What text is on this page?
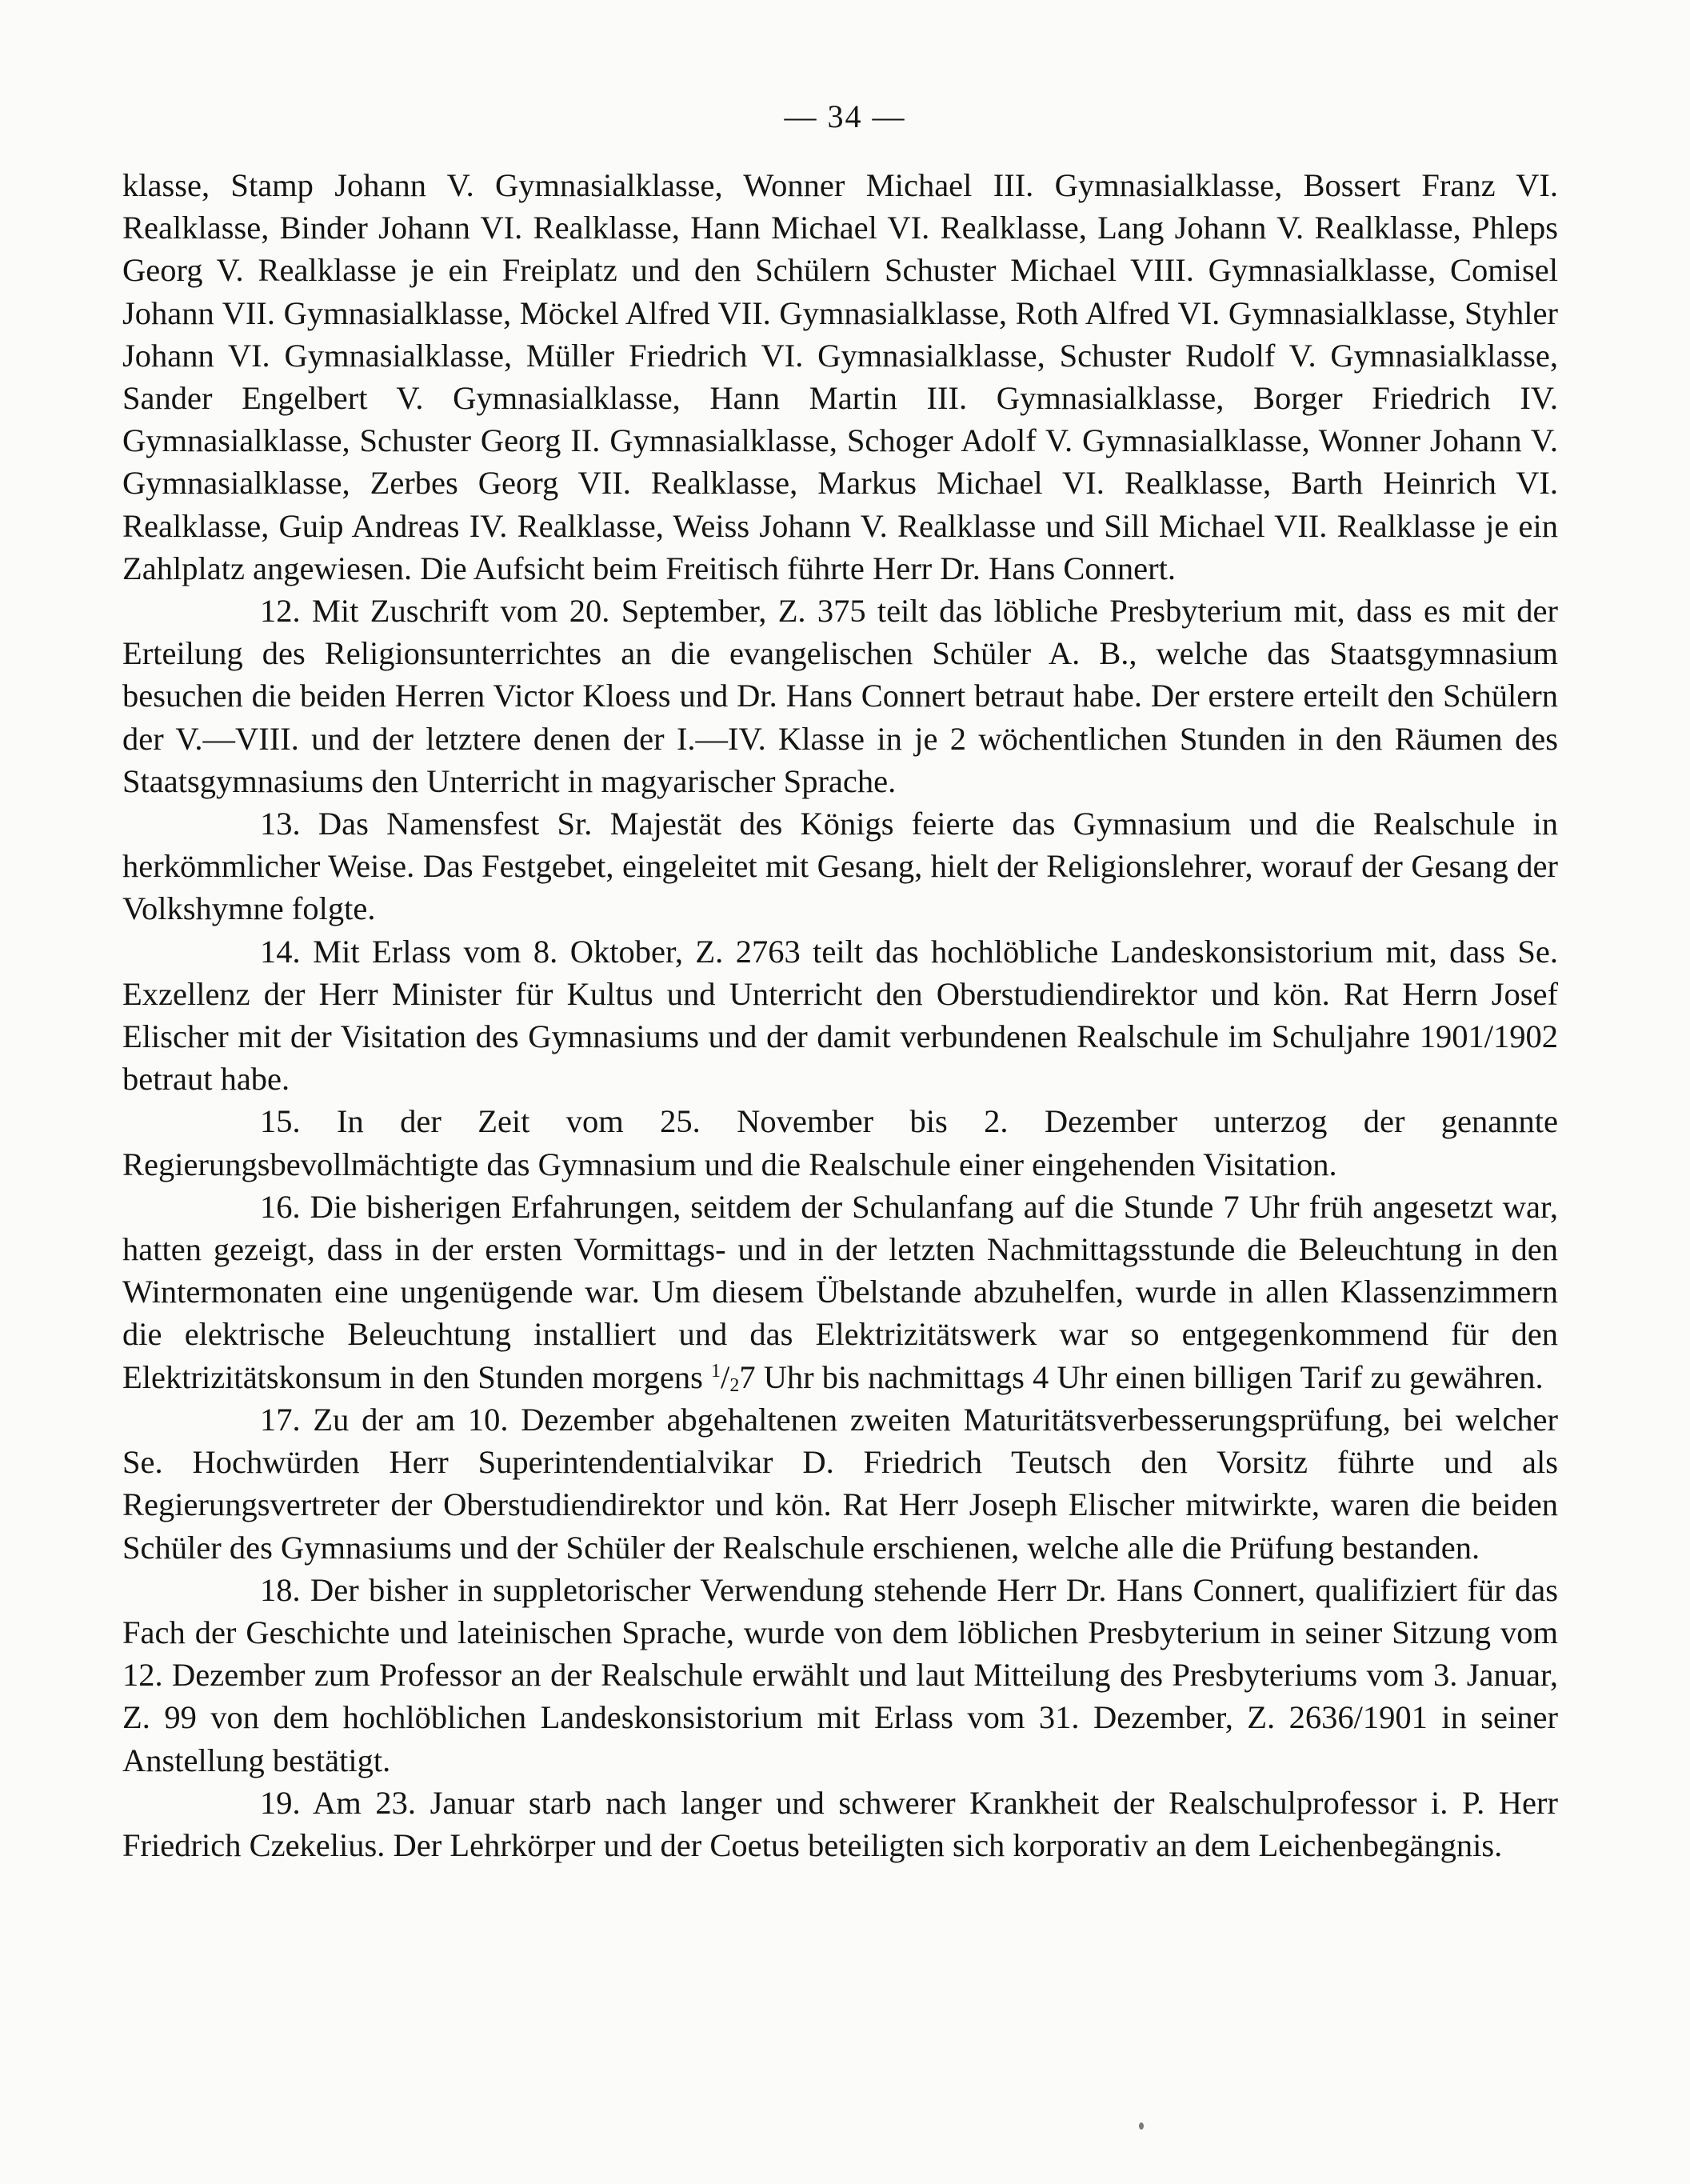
— 34 —

klasse, Stamp Johann V. Gymnasialklasse, Wonner Michael III. Gymnasialklasse, Bossert Franz VI. Realklasse, Binder Johann VI. Realklasse, Hann Michael VI. Realklasse, Lang Johann V. Realklasse, Phleps Georg V. Realklasse je ein Freiplatz und den Schülern Schuster Michael VIII. Gymnasialklasse, Comisel Johann VII. Gymnasialklasse, Möckel Alfred VII. Gymnasialklasse, Roth Alfred VI. Gymnasialklasse, Styhler Johann VI. Gymnasialklasse, Müller Friedrich VI. Gymnasialklasse, Schuster Rudolf V. Gymnasialklasse, Sander Engelbert V. Gymnasialklasse, Hann Martin III. Gymnasialklasse, Borger Friedrich IV. Gymnasialklasse, Schuster Georg II. Gymnasialklasse, Schoger Adolf V. Gymnasialklasse, Wonner Johann V. Gymnasialklasse, Zerbes Georg VII. Realklasse, Markus Michael VI. Realklasse, Barth Heinrich VI. Realklasse, Guip Andreas IV. Realklasse, Weiss Johann V. Realklasse und Sill Michael VII. Realklasse je ein Zahlplatz angewiesen. Die Aufsicht beim Freitisch führte Herr Dr. Hans Connert.

12. Mit Zuschrift vom 20. September, Z. 375 teilt das löbliche Presbyterium mit, dass es mit der Erteilung des Religionsunterrichtes an die evangelischen Schüler A. B., welche das Staatsgymnasium besuchen die beiden Herren Victor Kloess und Dr. Hans Connert betraut habe. Der erstere erteilt den Schülern der V.—VIII. und der letztere denen der I.—IV. Klasse in je 2 wöchentlichen Stunden in den Räumen des Staatsgymnasiums den Unterricht in magyarischer Sprache.

13. Das Namensfest Sr. Majestät des Königs feierte das Gymnasium und die Realschule in herkömmlicher Weise. Das Festgebet, eingeleitet mit Gesang, hielt der Religionslehrer, worauf der Gesang der Volkshymne folgte.

14. Mit Erlass vom 8. Oktober, Z. 2763 teilt das hochlöbliche Landeskonsistorium mit, dass Se. Exzellenz der Herr Minister für Kultus und Unterricht den Oberstudiendirektor und kön. Rat Herrn Josef Elischer mit der Visitation des Gymnasiums und der damit verbundenen Realschule im Schuljahre 1901/1902 betraut habe.

15. In der Zeit vom 25. November bis 2. Dezember unterzog der genannte Regierungsbevollmächtigte das Gymnasium und die Realschule einer eingehenden Visitation.

16. Die bisherigen Erfahrungen, seitdem der Schulanfang auf die Stunde 7 Uhr früh angesetzt war, hatten gezeigt, dass in der ersten Vormittags- und in der letzten Nachmittagsstunde die Beleuchtung in den Wintermonaten eine ungenügende war. Um diesem Übelstande abzuhelfen, wurde in allen Klassenzimmern die elektrische Beleuchtung installiert und das Elektrizitätswerk war so entgegenkommend für den Elektrizitätskonsum in den Stunden morgens $^1/_27$ Uhr bis nachmittags 4 Uhr einen billigen Tarif zu gewähren.

17. Zu der am 10. Dezember abgehaltenen zweiten Maturitätsverbesserungsprüfung, bei welcher Se. Hochwürden Herr Superintendentialvikar D. Friedrich Teutsch den Vorsitz führte und als Regierungsvertreter der Oberstudiendirektor und kön. Rat Herr Joseph Elischer mitwirkte, waren die beiden Schüler des Gymnasiums und der Schüler der Realschule erschienen, welche alle die Prüfung bestanden.

18. Der bisher in suppletorischer Verwendung stehende Herr Dr. Hans Connert, qualifiziert für das Fach der Geschichte und lateinischen Sprache, wurde von dem löblichen Presbyterium in seiner Sitzung vom 12. Dezember zum Professor an der Realschule erwählt und laut Mitteilung des Presbyteriums vom 3. Januar, Z. 99 von dem hochlöblichen Landeskonsistorium mit Erlass vom 31. Dezember, Z. 2636/1901 in seiner Anstellung bestätigt.

19. Am 23. Januar starb nach langer und schwerer Krankheit der Realschulprofessor i. P. Herr Friedrich Czekelius. Der Lehrkörper und der Coetus beteiligten sich korporativ an dem Leichenbegängnis.
